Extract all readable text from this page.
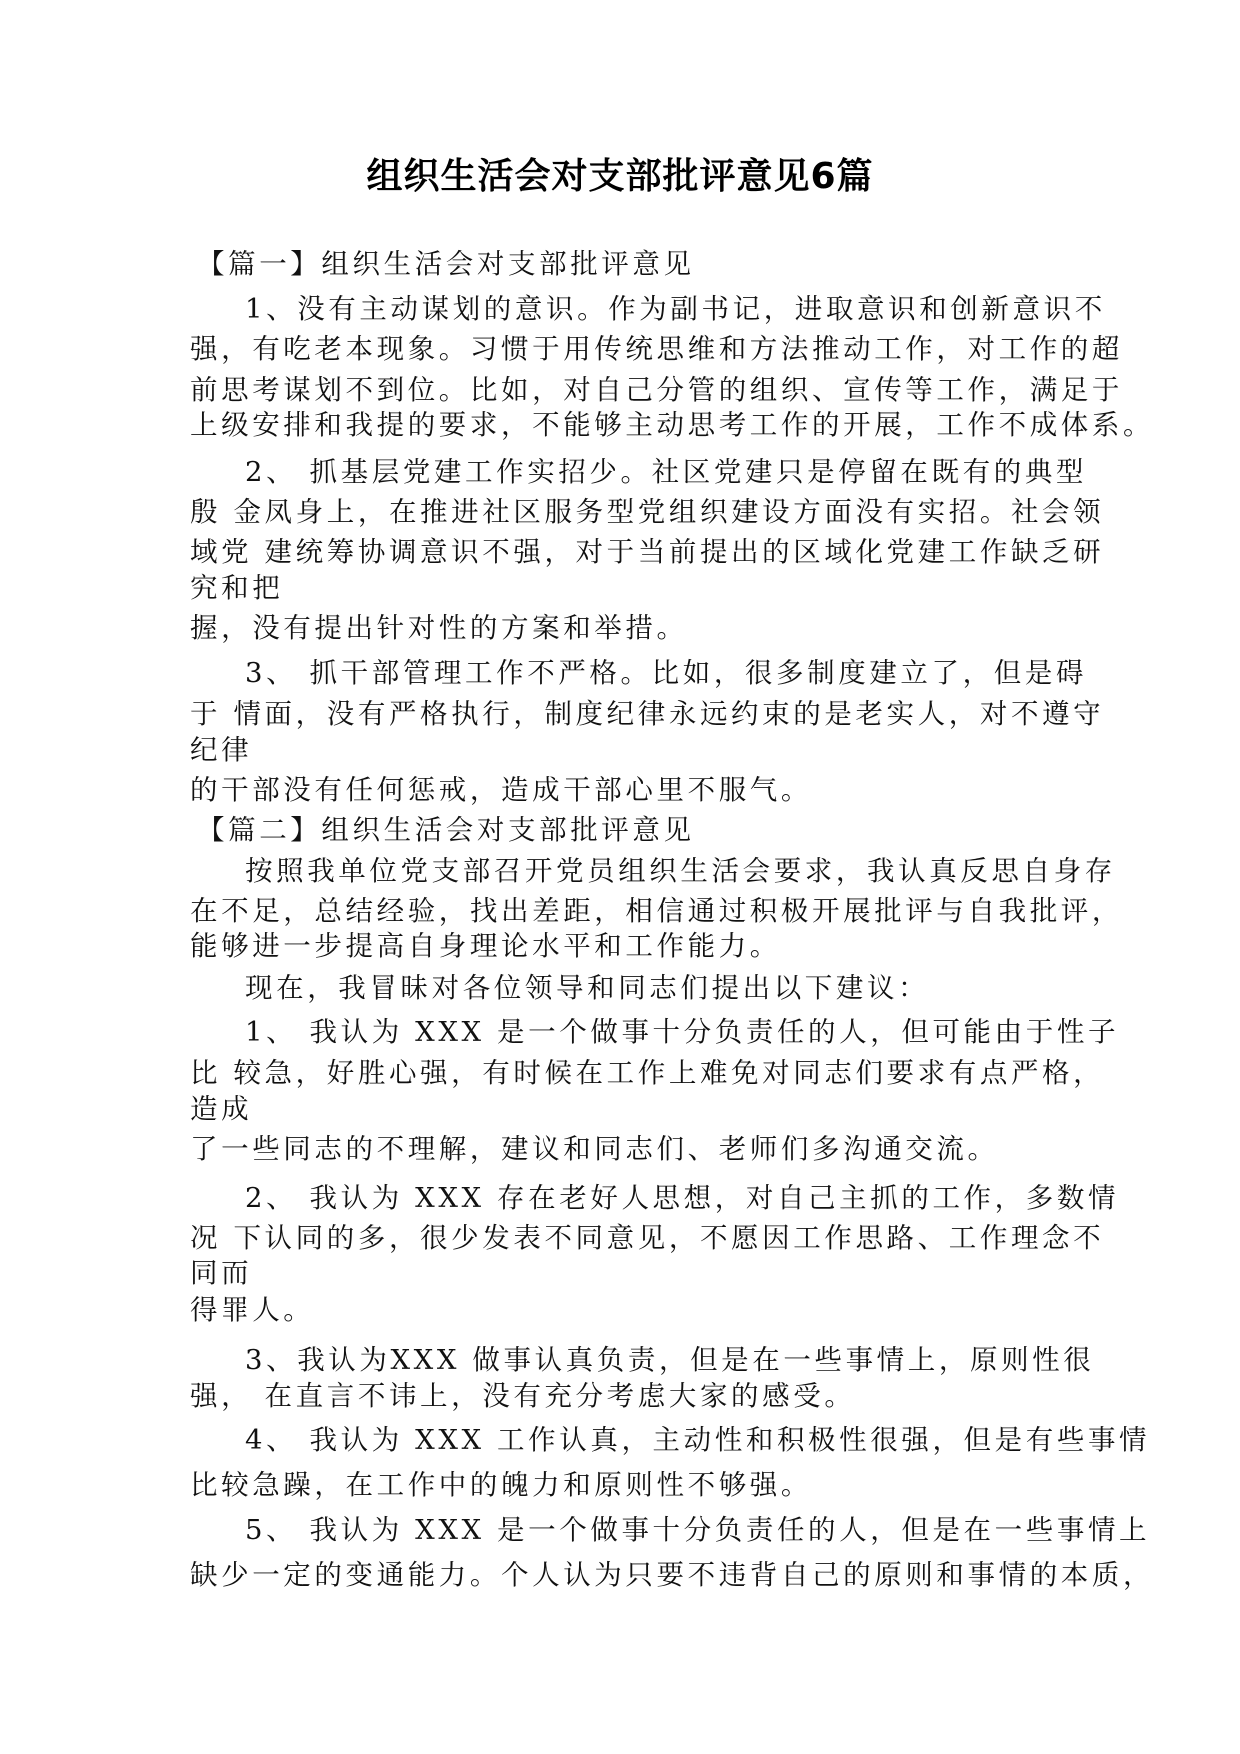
组织生活会对支部批评意见6篇
【篇一】组织生活会对支部批评意见
1、没有主动谋划的意识。作为副书记，进取意识和创新意识不
强，有吃老本现象。习惯于用传统思维和方法推动工作，对工作的超
前思考谋划不到位。比如，对自己分管的组织、宣传等工作，满足于
上级安排和我提的要求，不能够主动思考工作的开展，工作不成体系。
2、 抓基层党建工作实招少。社区党建只是停留在既有的典型
殷 金凤身上，在推进社区服务型党组织建设方面没有实招。社会领
域党 建统筹协调意识不强，对于当前提出的区域化党建工作缺乏研
究和把
握，没有提出针对性的方案和举措。
3、 抓干部管理工作不严格。比如，很多制度建立了，但是碍
于 情面，没有严格执行，制度纪律永远约束的是老实人，对不遵守
纪律
的干部没有任何惩戒，造成干部心里不服气。
【篇二】组织生活会对支部批评意见
按照我单位党支部召开党员组织生活会要求，我认真反思自身存
在不足，总结经验，找出差距，相信通过积极开展批评与自我批评，
能够进一步提高自身理论水平和工作能力。
现在，我冒昧对各位领导和同志们提出以下建议：
1、 我认为 XXX 是一个做事十分负责任的人，但可能由于性子
比 较急，好胜心强，有时候在工作上难免对同志们要求有点严格，
造成
了一些同志的不理解，建议和同志们、老师们多沟通交流。
2、 我认为 XXX 存在老好人思想，对自己主抓的工作，多数情
况 下认同的多，很少发表不同意见，不愿因工作思路、工作理念不
同而
得罪人。
3、我认为XXX 做事认真负责，但是在一些事情上，原则性很
强， 在直言不讳上，没有充分考虑大家的感受。
4、 我认为 XXX 工作认真，主动性和积极性很强，但是有些事情
比较急躁，在工作中的魄力和原则性不够强。
5、 我认为 XXX 是一个做事十分负责任的人，但是在一些事情上
缺少一定的变通能力。个人认为只要不违背自己的原则和事情的本质，
